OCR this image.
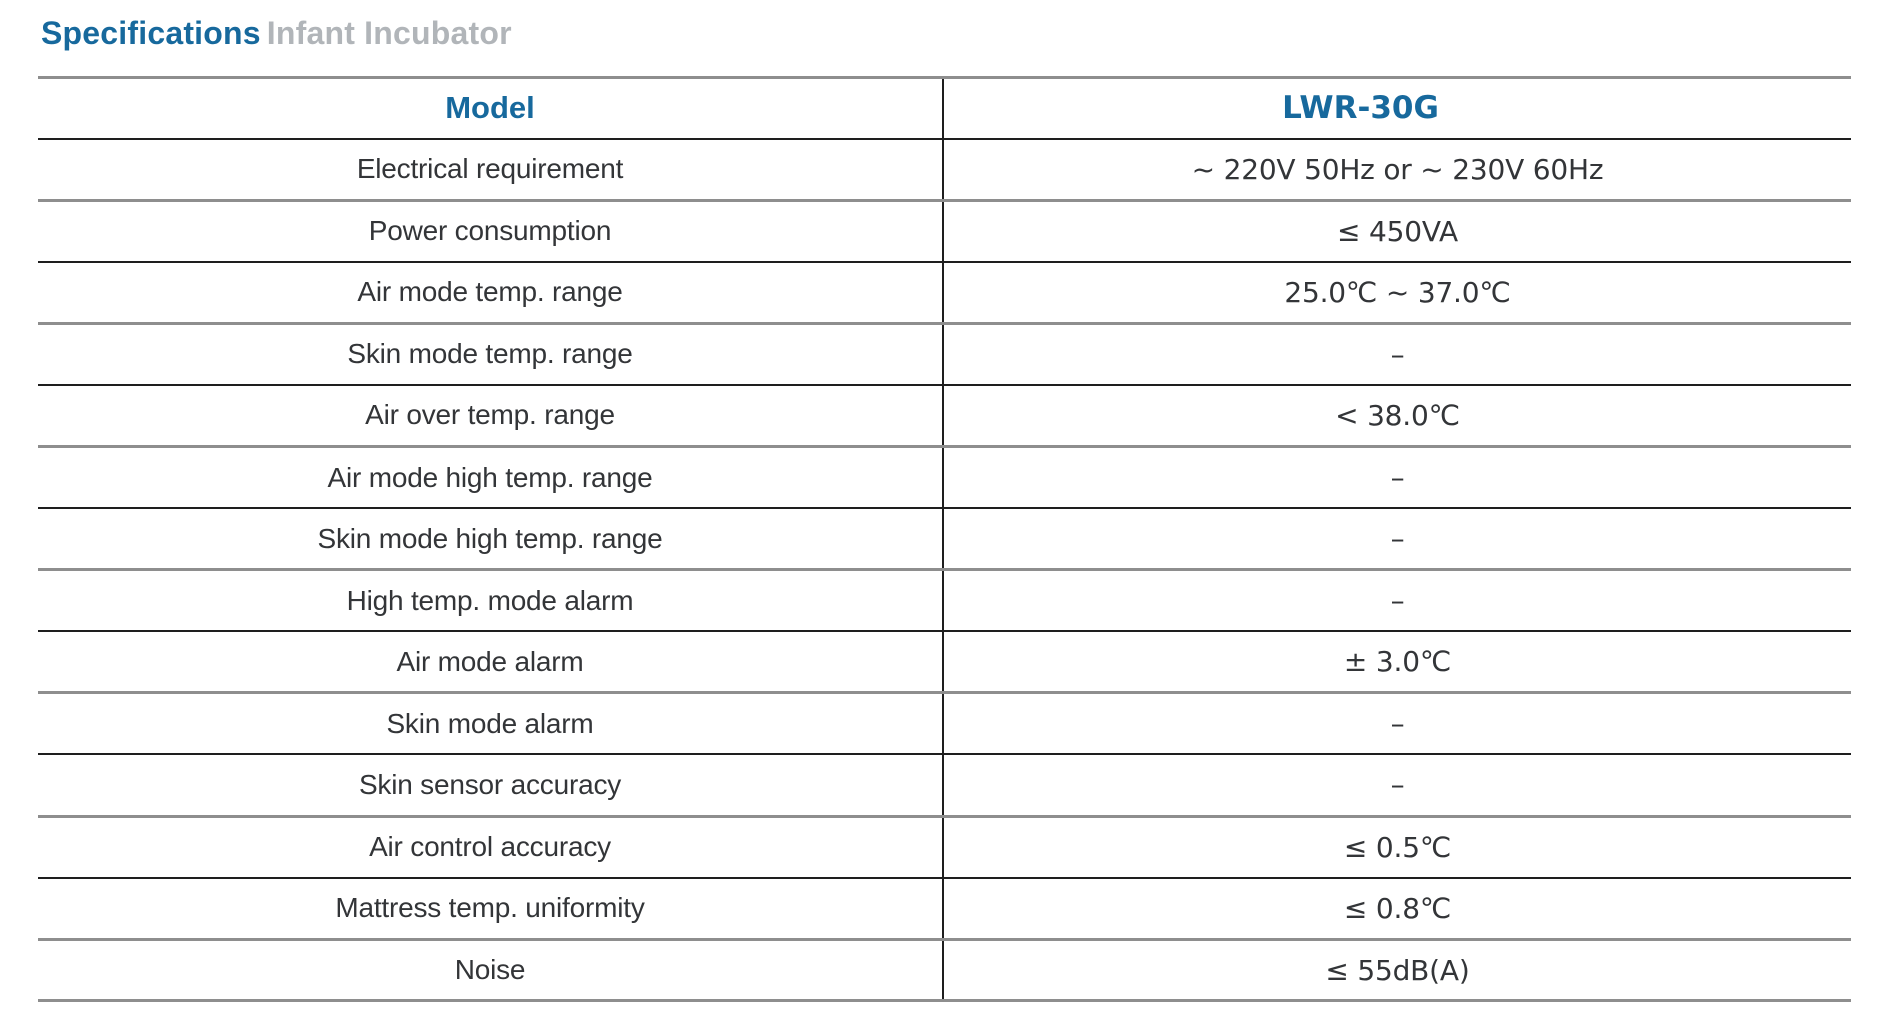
Specifications Infant Incubator
Model	LWR-30G
Electrical requirement	~ 220V 50Hz or ~ 230V 60Hz
Power consumption	≤ 450VA
Air mode temp. range	25.0℃ ~ 37.0℃
Skin mode temp. range	–
Air over temp. range	< 38.0℃
Air mode high temp. range	–
Skin mode high temp. range	–
High temp. mode alarm	–
Air mode alarm	± 3.0℃
Skin mode alarm	–
Skin sensor accuracy	–
Air control accuracy	≤ 0.5℃
Mattress temp. uniformity	≤ 0.8℃
Noise	≤ 55dB(A)
